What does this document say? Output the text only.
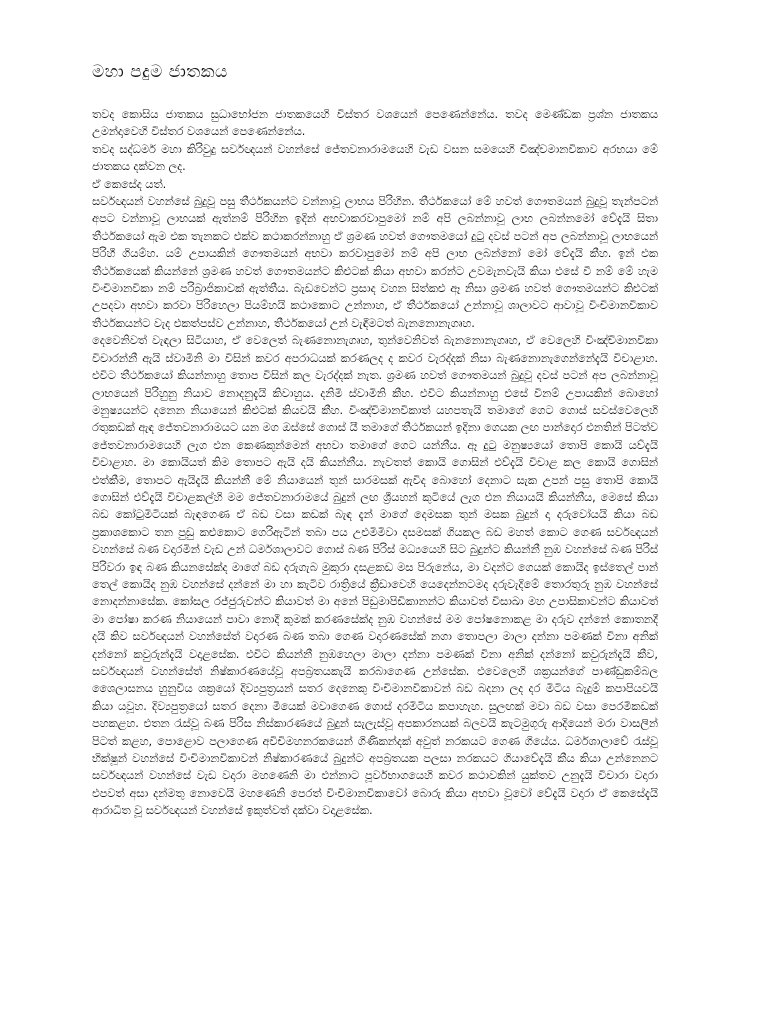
මහා පදුම ජාතකය

තවද කොසිය ජාතකය සුධාභෝජන ජාතකයෙහි විස්තර වශයෙන් පෙණෙන්නේය. තවද මෙණ්ඩක ප්‍රශ්න ජාතකය උමන්දාවෙහි විස්තර වශයෙන් පෙණෙන්නේය.

තවද සද්ධර්ම මහා කිරිවුදු සර්වඥයන් වහන්සේ ජේතවනාරාමයෙහි වැඩ වසන සමයෙහි චිඤ්චමානවිකාව අරභයා මේ ජාතකය දක්වන ලද.

ඒ කෙසේද යත්.

සර්වඥයන් වහන්සේ බුදුවූ පසු තීර්ථකයන්ට වන්නාවූ ලාභය පිරිහින. තීර්ථකයෝ මේ හවත් ගෞතමයන් බුදුවූ තැන්පටන් අපට වන්නාවූ ලාභයක් ඇත්නම් පිරිහින ඉදින් අභවාකරවාපුමෝ නම් අපි ලබන්නාවූ ලාභ ලබන්නමෝ වේදැයි සිතා තීර්ථකයෝ ඇම එක තැනකට එක්ව කථාකරන්නාහු ඒ ශ්‍රමණ හවත් ගෞතමයෝ දුටු දවස් පටන් අප ලබන්නාවූ ලාභයෙන් පිරිහී ගියම්හ. යම් උපායකින් ගෞතමයන් අභවා කරවාපුමෝ නම් අපි ලාභ ලබන්නෝ මෝ වේදැයි කීහ. ඉන් එක තීර්ථකයෙක් කියන්නේ ශ්‍රමණ හවත් ගෞතමයන්ට කිළුටක් කියා අභවා කරන්ට උවමැනවැයි කියා එසේ වී නම් මේ හැම විංචිමානවිකා නම් පරිබ්‍රාජිකාවක් ඇත්තීය. බැඩවෙන්ට ප්‍රසාද වහන සිත්කළු ඈ නිසා ශ්‍රමණ හවත් ගෞතමයන්ට කිළුටක් උපදවා අභවා කරවා පිරිහෙලා පියම්හයි කථාකොට උන්නාහ, ඒ තීර්ථකයෝ උන්නාවූ ශාලාවට ආවාවූ විංචිමානවිකාව තීර්ථකයන්ට වැද එකත්පස්ව උන්නාහ, තීර්ථකයෝ උන් වැඳීමටත් බැනනොනැගෘහ.

දෙවෙනිවත් වැඳලා සිටියාහ, ඒ වෙලෙත් බැණනොනැගෘහ, තුන්වෙනිවත් බැනනොනැගෘහ, ඒ වෙලෙහි විංඤ්චිමානවිකා විචාරන්නී ඇයි ස්වාමිනි මා විසින් කවර අපරාධයක් කරණලද ද කවර වැරද්දක් නිසා බැණනොනැගෙන්නේදැයි විචාළාහ. එවිට තීර්ථකයෝ කියන්නාහු තොප විසින් කල වැරද්දක් නැත. ශ්‍රමණ හවත් ගෞතමයන් බුදුවූ දවස් පටන් අප ලබන්නාවූ ලාභයෙන් පිරිහුනු නියාව නොදනුදැයි කිවාහුය. දනිමි ස්වාමිනි කීහ. එවිට කියන්නාහු එසේ විනම් උපායකින් බොහෝ මනුෂ්‍යයන්ට දනෙන නියායෙන් කිළුටක් කියවයි කීහ. විංඤ්චිමානවිකාත් යහපතැයි තමාගේ ගෙට ගොස් සවස්වෙලෙහි රතුකඩක් ඇඳ ජේතවනාරාමයට යන මග ඔස්සේ ගොස් යී තමාගේ තීර්ථකයන් ඉදිනා ගෙයක ලඟ පාන්දොර එනතින් පිටත්ව ජේතවනාරාමයෙහි ලැග එන කෙණකුන්මෙන් අභවා තමාගේ ගෙට යන්නීය. ඈ දුටු මනුෂ්‍යයෝ තොපි කොයි යව්දැයි විචාළාහ. මා කොයියත් කිම තොපට ඇයි දයි කියන්නීය. නැවතත් කොයි ගොසින් එව්දැයි විචාළ කල කොයි ගොසින් එත්කීම, තොපට ඇයිදැයි කියන්නී මේ නියායෙන් තුන් සාරමසක් ඇවිද බොහෝ දෙනාට සැක උපන් පසු තොපි කොයි ගොසින් එව්දැයි විචාළකල්හි මම ජේතවනාරාමයේ බුදුන් ලඟ ශ්‍රීයහන් කුටියේ ලැග එන නියායයි කියන්නීය, මෙසේ කියා බඩ කෝටුමිටියක් බැඳගෙණ ඒ බඩ වසා කඩක් බැඳ දැන් මාගේ දෙමසක තුන් මසක බුදුන් දා දරුවෝයයි කියා බඩ ප්‍රකාශකොට තන පුඩු කළුකොට ගෙරිඇටින් තබා පය උළුමිමිවා දසමසක් ගියකල බඩ මහත් කොට ගෙණ සර්වඥයන් වහන්සේ බණ වදාරමින් වැඩ උන් ධර්මශාලාවට ගොස් බණ පිරිස් මධ්‍යයෙහි සිට බුදුන්ට කියන්නී නුඹ වහන්සේ බණ පිරිස් පිරිවරා ඉඳ බණ කියනසේක්ද මාගේ බඩ දරුගැබ මුකුරා දසළකඩ මස පිරුනේය, මා වදන්ට ගෙයක් කොයිද ඉස්තෙල් පාන් තෙල් කොයිද නුඹ වහන්සේ දන්නේ මා හා කැටිව රාත්‍රියේ ක්‍රීඩාවෙහි යෙදෙන්නටමද දරුවැදිමේ තොරතුරු නුඹ වහන්සේ නොදන්නාසේක. කෝසල රජ්ජුරුවන්ට කියාවත් මා අනේ පිඩුමාපිඩිකානන්ට කියාවත් විසාඛා මහ උපාසිකාවන්ට කියාවත් මා පෝෂා කරණ නියායෙන් පාවා නොදී කුමක් කරණසේක්ද නුඹ වහන්සේ මම පෝෂනොකළ මා දරුව දන්නේ කොතනදී දයි කිව සර්වඥයන් වහන්සේත් වදාරණ බණ තබා ගෙණ වදාරණසේක් නගා තොපලා මාලා දන්නා පමණක් විනා අනික් දන්නෝ කවුරුන්දැයි වදාළසේක. එවිට කියන්නී නුඹහෙලා මාලා දන්නා පමණක් විනා අනික් දන්නෝ කවුරුන්දැයි කීව, සර්වඥයන් වහන්සේත් නිෂ්කාරණයේවූ අපබ්‍රතයකැයි කරබාගෙණ උන්සේක. එවෙලෙහි ශක්‍රයන්ගේ පාණ්ඩුකම්බල ශෛලාසනය හුනුවිය ශක්‍රයෝ දිව්‍යපුත්‍රයන් සතර දෙනෙකු විංචිමානවිකාවන් බඩ බදනා ලද දර මිටිය බැදුම් කපාපියවයි කියා යවූහ. දිව්‍යපුත්‍රයෝ සතර දෙනා මීයෙක් මවාගෙණ ගොස් දරමිටිය කපාහැහ. සුලඟක් මවා බඩ වසා පෙරමීකඩක් පහකළහ. එතන රැස්වූ බණ පිරිස නිස්කාරණයේ බුදුන් සැලැස්වූ අපකාරනයක් බලවයි කැටමුගුරු ආදියෙන් මරා වාසලින් පිටත් කළහ, පොළොව පලාගෙණ අවිචිමහනරකයෙන් ගිණිකන්දක් අවුත් නරකයට ගෙණ ගියේය. ධර්මශාලාවේ රැස්වූ භික්ෂූන් වහන්සේ විංචිමානවිකාවන් නිෂ්කාරණයේ බුදුන්ට අපබ්‍රතයක පලසා නරකයට ගියාවේදැයි කීය කියා උන්නෙනට සර්වඥයන් වහන්සේ වැඩ වදාරා මහණෙනි මා එන්නාට පූර්වභාගයෙහි කවර කථාවකින් යුක්තව උනුදැයි විචාරා වදාරා එපවත් අසා දන්මතු නොවෙයි මහණෙනි පෙරත් විංචිමානවිකාවෝ බොරු කියා අභවා වූවෝ වේදැයි වදාරා ඒ කෙසේදැයි ආරාධිත වූ සර්වඥයන් වහන්සේ ඉකුත්වත් දක්වා වදාළසේක.
